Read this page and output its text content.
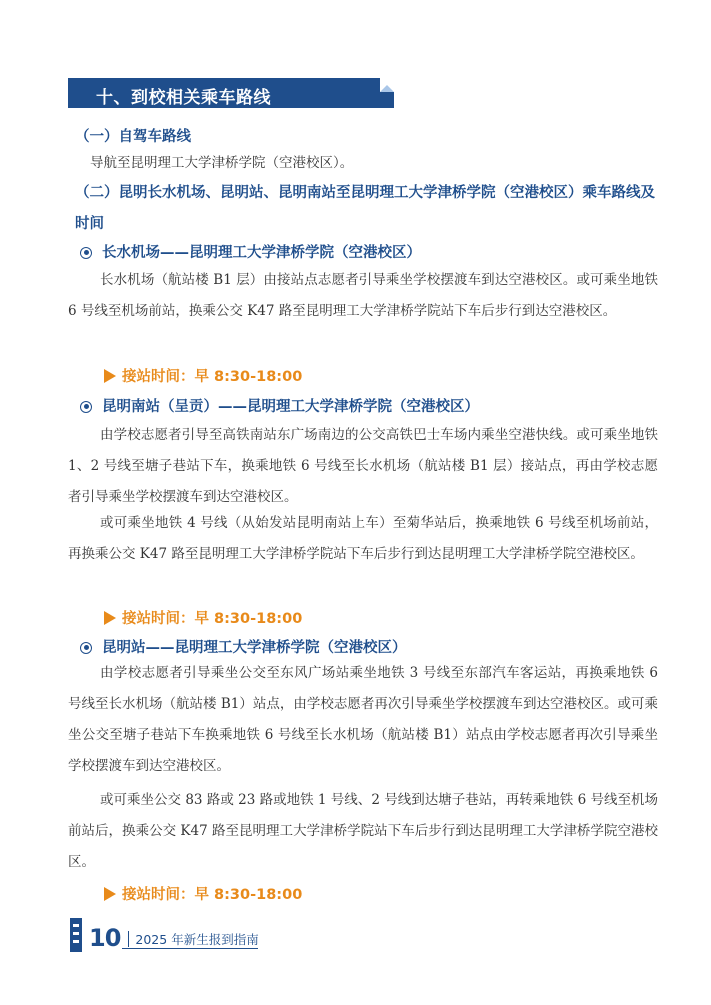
十、到校相关乘车路线
（一）自驾车路线
导航至昆明理工大学津桥学院（空港校区）。
（二）昆明长水机场、昆明站、昆明南站至昆明理工大学津桥学院（空港校区）乘车路线及时间
长水机场——昆明理工大学津桥学院（空港校区）
长水机场（航站楼 B1 层）由接站点志愿者引导乘坐学校摆渡车到达空港校区。或可乘坐地铁 6 号线至机场前站，换乘公交 K47 路至昆明理工大学津桥学院站下车后步行到达空港校区。
接站时间：早 8:30-18:00
昆明南站（呈贡）——昆明理工大学津桥学院（空港校区）
由学校志愿者引导至高铁南站东广场南边的公交高铁巴士车场内乘坐空港快线。或可乘坐地铁 1、2 号线至塘子巷站下车，换乘地铁 6 号线至长水机场（航站楼 B1 层）接站点，再由学校志愿者引导乘坐学校摆渡车到达空港校区。
或可乘坐地铁 4 号线（从始发站昆明南站上车）至菊华站后，换乘地铁 6 号线至机场前站，再换乘公交 K47 路至昆明理工大学津桥学院站下车后步行到达昆明理工大学津桥学院空港校区。
接站时间：早 8:30-18:00
昆明站——昆明理工大学津桥学院（空港校区）
由学校志愿者引导乘坐公交至东风广场站乘坐地铁 3 号线至东部汽车客运站，再换乘地铁 6 号线至长水机场（航站楼 B1）站点，由学校志愿者再次引导乘坐学校摆渡车到达空港校区。或可乘坐公交至塘子巷站下车换乘地铁 6 号线至长水机场（航站楼 B1）站点由学校志愿者再次引导乘坐学校摆渡车到达空港校区。
或可乘坐公交 83 路或 23 路或地铁 1 号线、2 号线到达塘子巷站，再转乘地铁 6 号线至机场前站后，换乘公交 K47 路至昆明理工大学津桥学院站下车后步行到达昆明理工大学津桥学院空港校区。
接站时间：早 8:30-18:00
10 2025 年新生报到指南
